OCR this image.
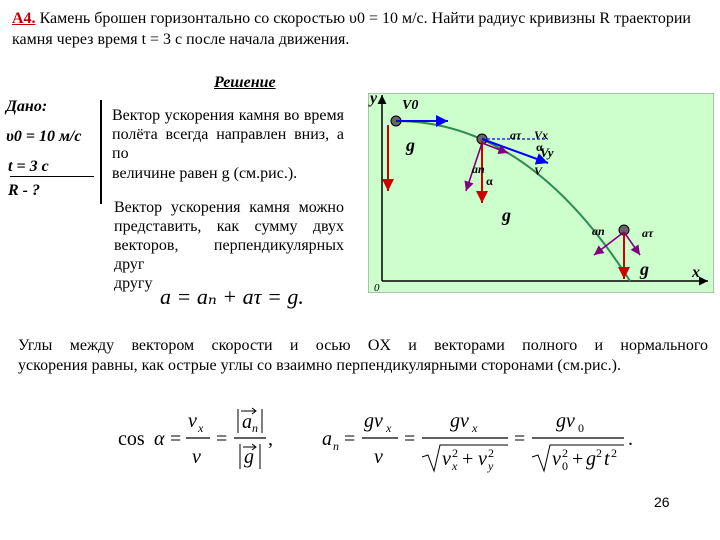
A4. Камень брошен горизонтально со скоростью υ0 = 10 м/с. Найти радиус кривизны R траектории камня через время t = 3 с после начала движения.
Решение
Дано:
υ0 = 10 м/с
t = 3 с
R - ?
Вектор ускорения камня во время полёта всегда направлен вниз, а по
величине равен g (см.рис.).
Вектор ускорения камня можно представить, как сумму двух векторов, перпендикулярных друг
другу
a = aₙ + aτ = g.
Углы между вектором скорости и осью OX и векторами полного и нормального
ускорения равны, как острые углы со взаимно перпендикулярными сторонами (см.рис.).
cos α =
v x
v
=
a n
g
, a n =
gv x
v
=
gv x
v 2
x + v 2
y
=
gv 0
v 2
0 + g 2 t 2
.
y
x
0
V0
g	aτ Vx
Vy
V
an
α
α
g
aτ
an
g
26
